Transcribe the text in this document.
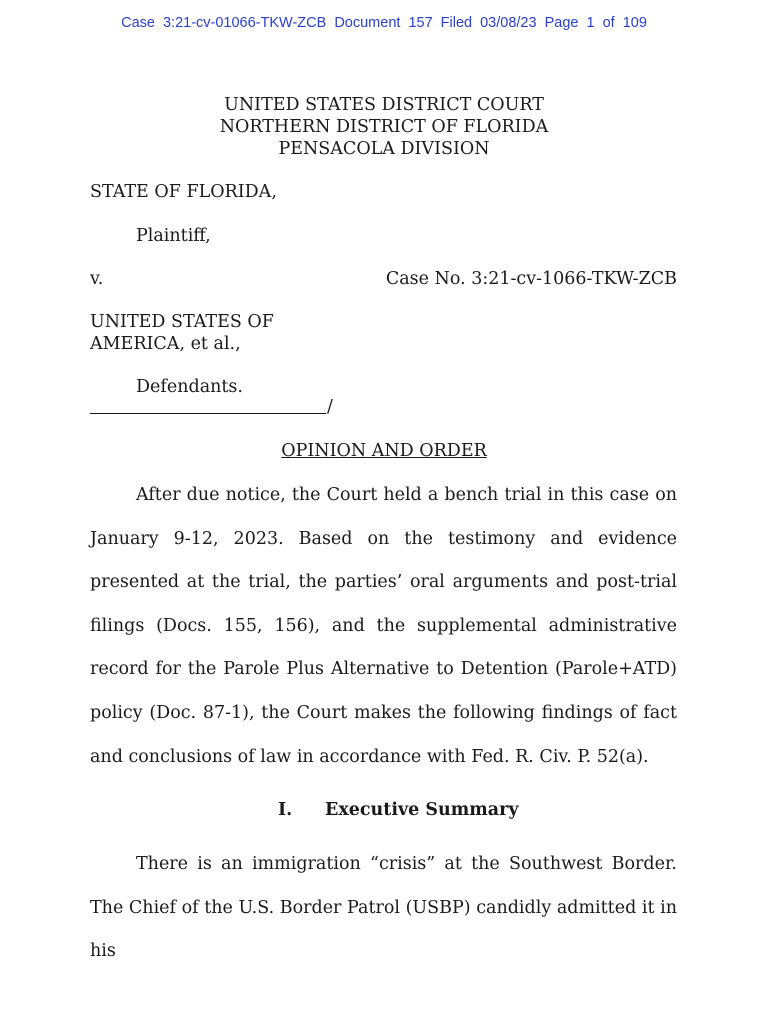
Case 3:21-cv-01066-TKW-ZCB Document 157 Filed 03/08/23 Page 1 of 109
UNITED STATES DISTRICT COURT
NORTHERN DISTRICT OF FLORIDA
PENSACOLA DIVISION
STATE OF FLORIDA,
Plaintiff,
v.	Case No. 3:21-cv-1066-TKW-ZCB
UNITED STATES OF
AMERICA, et al.,
Defendants.
/
OPINION AND ORDER

After due notice, the Court held a bench trial in this case on January 9-12, 2023. Based on the testimony and evidence presented at the trial, the parties’ oral arguments and post-trial filings (Docs. 155, 156), and the supplemental administrative record for the Parole Plus Alternative to Detention (Parole+ATD) policy (Doc. 87-1), the Court makes the following findings of fact and conclusions of law in accordance with Fed. R. Civ. P. 52(a).

I. Executive Summary

There is an immigration “crisis” at the Southwest Border. The Chief of the U.S. Border Patrol (USBP) candidly admitted it in his
